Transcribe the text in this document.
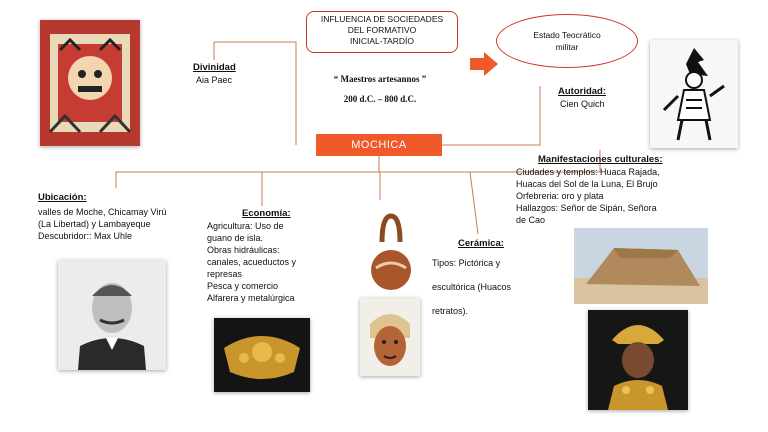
INFLUENCIA DE SOCIEDADES
DEL FORMATIVO
INICIAL-TARDÍO
Estado Teocrático
militar
“ Maestros artesannos ”
200 d.C. – 800 d.C.
MOCHICA
Divinidad
Aia Paec
Autoridad:
Cien Quich
Ubicación:
valles de Moche, Chicamay Virú
(La Libertad) y Lambayeque
Descubridor:: Max Uhle
Economía:
Agricultura: Uso de
guano de isla.
Obras hidráulicas:
canales, acueductos y
represas
Pesca y comercio
Alfarera y metalúrgica
Cerámica:
Tipos: Pictórica y
escultórica (Huacos
retratos).
Manifestaciones culturales:
Ciudades y templos: Huaca Rajada,
Huacas del Sol de la Luna, El Brujo
Orfebreria: oro y plata
Hallazgos: Señor de Sipán, Señora
de Cao
